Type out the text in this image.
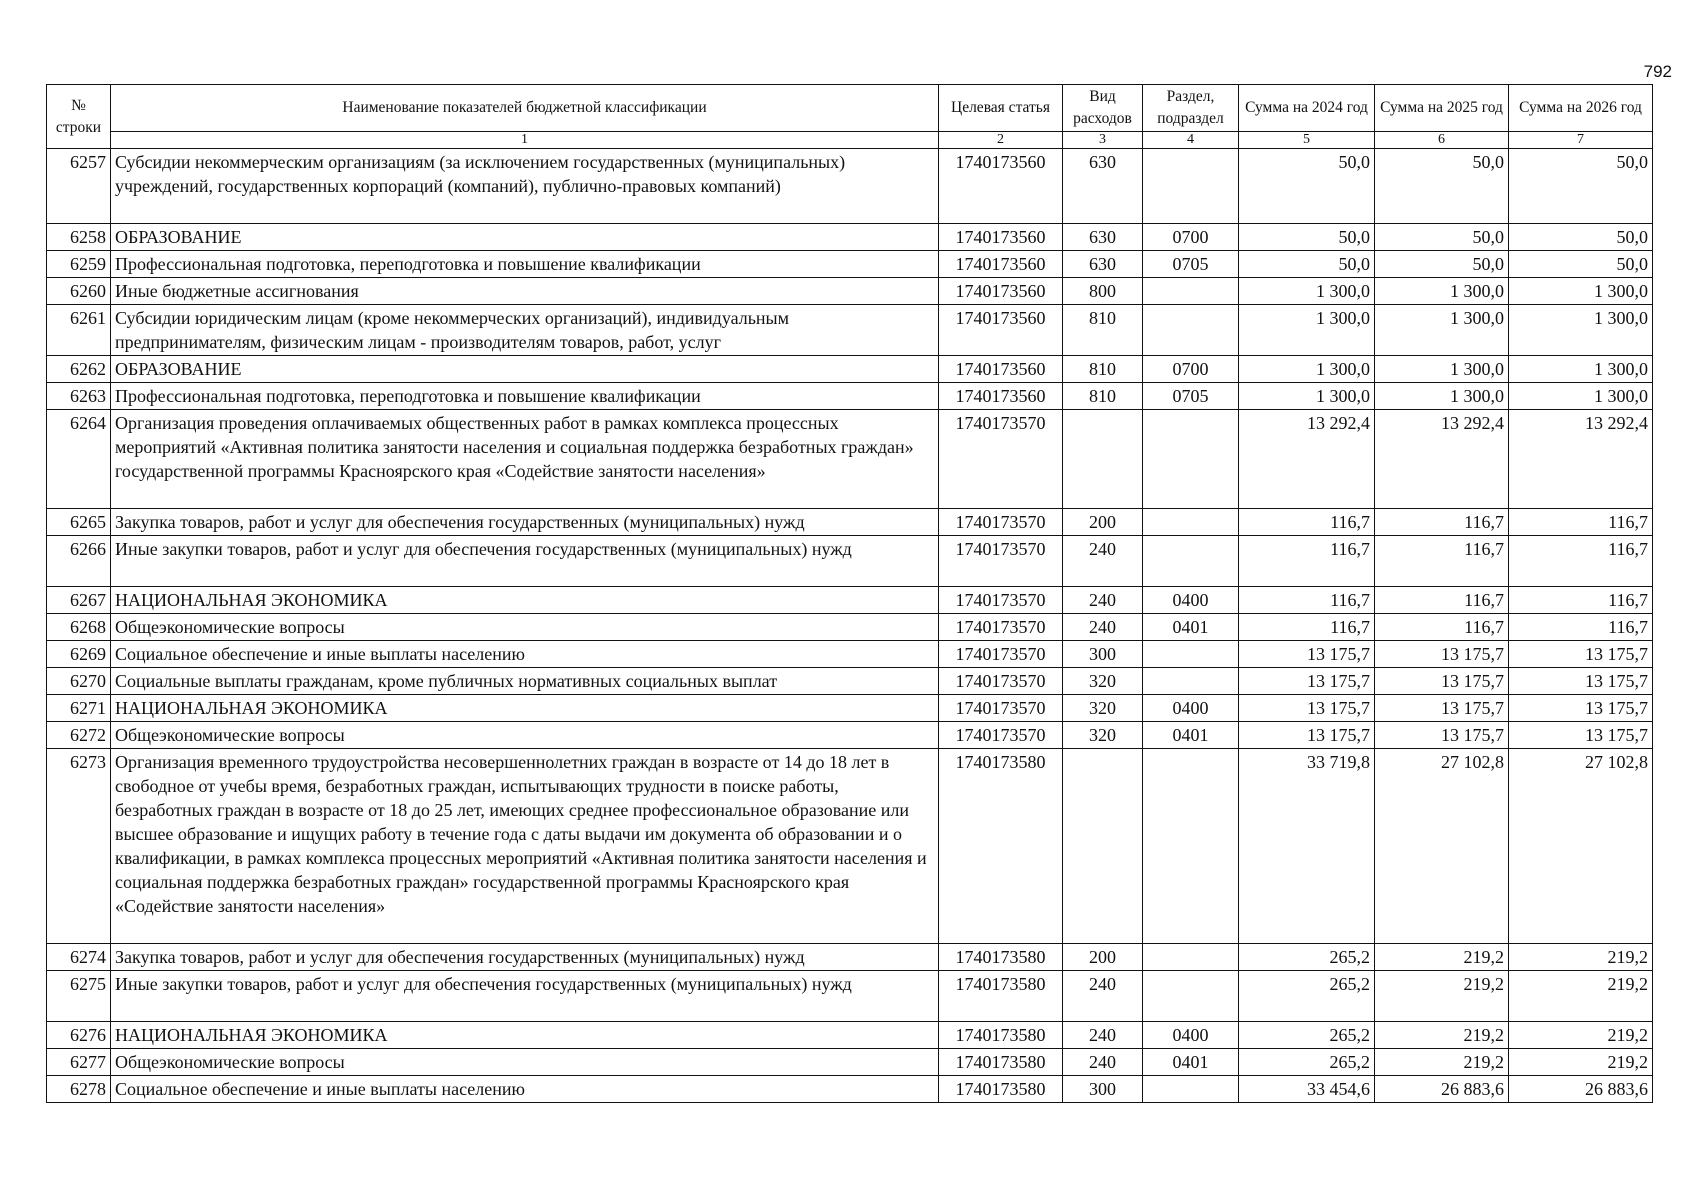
792
№ строки	Наименование показателей бюджетной классификации	Целевая статья	Вид расходов	Раздел, подраздел	Сумма на 2024 год	Сумма на 2025 год	Сумма на 2026 год
	1	2	3	4	5	6	7
6257	Субсидии некоммерческим организациям (за исключением государственных (муниципальных) учреждений, государственных корпораций (компаний), публично-правовых компаний)	1740173560	630		50,0	50,0	50,0
6258	ОБРАЗОВАНИЕ	1740173560	630	0700	50,0	50,0	50,0
6259	Профессиональная подготовка, переподготовка и повышение квалификации	1740173560	630	0705	50,0	50,0	50,0
6260	Иные бюджетные ассигнования	1740173560	800		1 300,0	1 300,0	1 300,0
6261	Субсидии юридическим лицам (кроме некоммерческих организаций), индивидуальным предпринимателям, физическим лицам - производителям товаров, работ, услуг	1740173560	810		1 300,0	1 300,0	1 300,0
6262	ОБРАЗОВАНИЕ	1740173560	810	0700	1 300,0	1 300,0	1 300,0
6263	Профессиональная подготовка, переподготовка и повышение квалификации	1740173560	810	0705	1 300,0	1 300,0	1 300,0
6264	Организация проведения оплачиваемых общественных работ в рамках комплекса процессных мероприятий «Активная политика занятости населения и социальная поддержка безработных граждан» государственной программы Красноярского края «Содействие занятости населения»	1740173570			13 292,4	13 292,4	13 292,4
6265	Закупка товаров, работ и услуг для обеспечения государственных (муниципальных) нужд	1740173570	200		116,7	116,7	116,7
6266	Иные закупки товаров, работ и услуг для обеспечения государственных (муниципальных) нужд	1740173570	240		116,7	116,7	116,7
6267	НАЦИОНАЛЬНАЯ ЭКОНОМИКА	1740173570	240	0400	116,7	116,7	116,7
6268	Общеэкономические вопросы	1740173570	240	0401	116,7	116,7	116,7
6269	Социальное обеспечение и иные выплаты населению	1740173570	300		13 175,7	13 175,7	13 175,7
6270	Социальные выплаты гражданам, кроме публичных нормативных социальных выплат	1740173570	320		13 175,7	13 175,7	13 175,7
6271	НАЦИОНАЛЬНАЯ ЭКОНОМИКА	1740173570	320	0400	13 175,7	13 175,7	13 175,7
6272	Общеэкономические вопросы	1740173570	320	0401	13 175,7	13 175,7	13 175,7
6273	Организация временного трудоустройства несовершеннолетних граждан в возрасте от 14 до 18 лет в свободное от учебы время, безработных граждан, испытывающих трудности в поиске работы, безработных граждан в возрасте от 18 до 25 лет, имеющих среднее профессиональное образование или высшее образование и ищущих работу в течение года с даты выдачи им документа об образовании и о квалификации, в рамках комплекса процессных мероприятий «Активная политика занятости населения и социальная поддержка безработных граждан» государственной программы Красноярского края «Содействие занятости населения»	1740173580			33 719,8	27 102,8	27 102,8
6274	Закупка товаров, работ и услуг для обеспечения государственных (муниципальных) нужд	1740173580	200		265,2	219,2	219,2
6275	Иные закупки товаров, работ и услуг для обеспечения государственных (муниципальных) нужд	1740173580	240		265,2	219,2	219,2
6276	НАЦИОНАЛЬНАЯ ЭКОНОМИКА	1740173580	240	0400	265,2	219,2	219,2
6277	Общеэкономические вопросы	1740173580	240	0401	265,2	219,2	219,2
6278	Социальное обеспечение и иные выплаты населению	1740173580	300		33 454,6	26 883,6	26 883,6
